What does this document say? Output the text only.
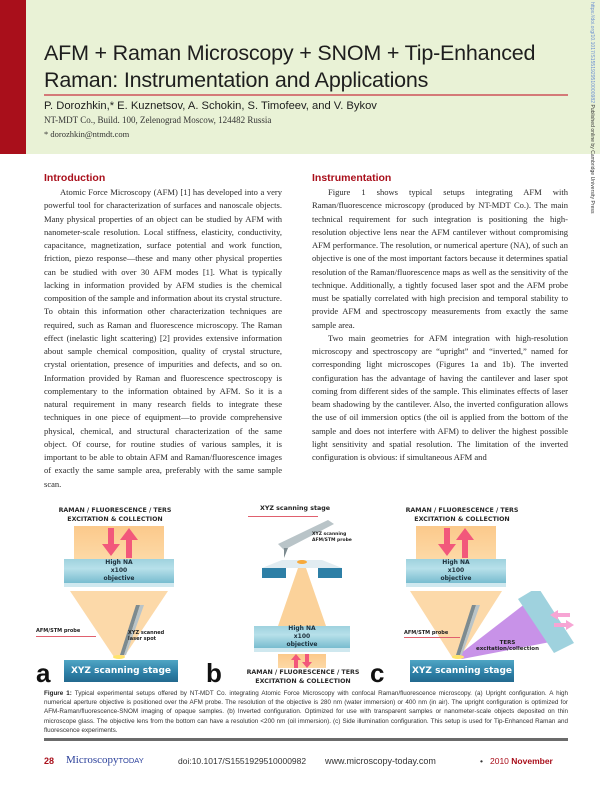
https://doi.org/10.1017/S1551929510000982 Published online by Cambridge University Press
AFM + Raman Microscopy + SNOM + Tip-Enhanced
Raman: Instrumentation and Applications
P. Dorozhkin,* E. Kuznetsov, A. Schokin, S. Timofeev, and V. Bykov
NT-MDT Co., Build. 100, Zelenograd Moscow, 124482 Russia
* dorozhkin@ntmdt.com
Introduction

Atomic Force Microscopy (AFM) [1] has developed into a very powerful tool for characterization of surfaces and nanoscale objects. Many physical properties of an object can be studied by AFM with nanometer-scale resolution. Local stiffness, elasticity, conductivity, capacitance, magnetization, surface potential and work function, friction, piezo response—these and many other physical properties can be studied with over 30 AFM modes [1]. What is typically lacking in information provided by AFM studies is the chemical composition of the sample and information about its crystal structure. To obtain this information other characterization techniques are required, such as Raman and fluorescence microscopy. The Raman effect (inelastic light scattering) [2] provides extensive information about sample chemical composition, quality of crystal structure, crystal orientation, presence of impurities and defects, and so on. Information provided by Raman and fluorescence spectroscopy is complementary to the information obtained by AFM. So it is a natural requirement in many research fields to integrate these techniques in one piece of equipment—to provide comprehensive physical, chemical, and structural characterization of the same object. Of course, for routine studies of various samples, it is important to be able to obtain AFM and Raman/fluorescence images of exactly the same sample area, preferably with the same sample scan.

Instrumentation

Figure 1 shows typical setups integrating AFM with Raman/fluorescence microscopy (produced by NT-MDT Co.). The main technical requirement for such integration is positioning the high-resolution objective lens near the AFM cantilever without compromising AFM performance. The resolution, or numerical aperture (NA), of such an objective is one of the most important factors because it determines spatial resolution of the Raman/fluorescence maps as well as the sensitivity of the technique. Additionally, a tightly focused laser spot and the AFM probe must be spatially correlated with high precision and temporal stability to provide AFM and spectroscopy measurements from exactly the same sample area.

Two main geometries for AFM integration with high-resolution microscopy and spectroscopy are “upright” and “inverted,” named for corresponding light microscopes (Figures 1a and 1b). The inverted configuration has the advantage of having the cantilever and laser spot coming from different sides of the sample. This eliminates effects of laser beam shadowing by the cantilever. Also, the inverted configuration allows the use of oil immersion optics (the oil is applied from the bottom of the sample and does not interfere with AFM) to deliver the highest possible light sensitivity and spatial resolution. The limitation of the inverted configuration is obvious: if simultaneous AFM and

RAMAN / FLUORESCENCE / TERS
EXCITATION & COLLECTION
High NA
x100
objective
AFM/STM probe	XYZ scanned
laser spot
XYZ scanning stage
a
XYZ scanning stage
XYZ scanning
AFM/STM probe
High NA
x100
objective
RAMAN / FLUORESCENCE / TERS
EXCITATION & COLLECTION
b
RAMAN / FLUORESCENCE / TERS
EXCITATION & COLLECTION
High NA
x100
objective
AFM/STM probe
TERS
excitation/collection
XYZ scanning stage
c
Figure 1: Typical experimental setups offered by NT-MDT Co. integrating Atomic Force Microscopy with confocal Raman/fluorescence microscopy. (a) Upright configuration. A high numerical aperture objective is positioned over the AFM probe. The resolution of the objective is 280 nm (water immersion) or 400 nm (in air). The upright configuration is optimized for AFM-Raman/fluorescence-SNOM imaging of opaque samples. (b) Inverted configuration. Optimized for use with transparent samples or nanometer-scale objects deposited on thin microscope glass. The objective lens from the bottom can have a resolution <200 nm (oil immersion). (c) Side illumination configuration. This setup is used for Tip-Enhanced Raman and fluorescence experiments.
28 MicroscopyTODAY	doi:10.1017/S1551929510000982 www.microscopy-today.com	• 2010 November
